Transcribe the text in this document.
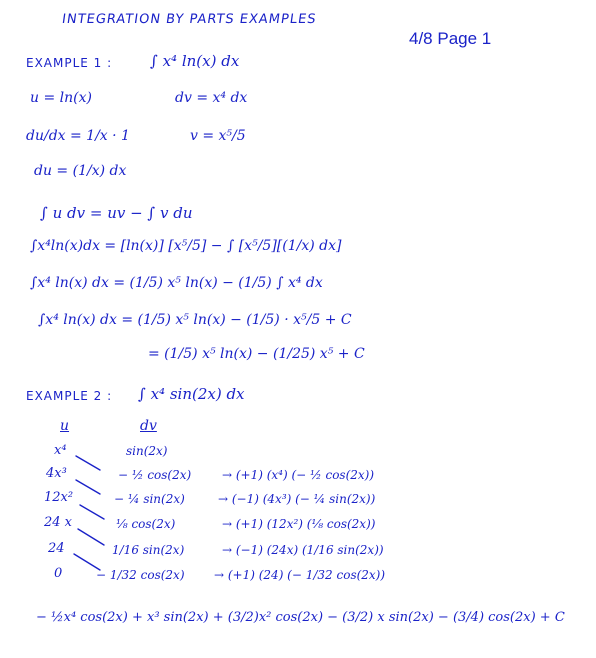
INTEGRATION BY PARTS EXAMPLES
4/8 Page 1
EXAMPLE 1 :	∫ x⁴ ln(x) dx
u = ln(x)	dv = x⁴ dx
du/dx = 1/x · 1	v = x⁵/5
du = (1/x) dx
∫ u dv = uv − ∫ v du
∫x⁴ln(x)dx = [ln(x)] [x⁵/5] − ∫ [x⁵/5][(1/x) dx]
∫x⁴ ln(x) dx = (1/5) x⁵ ln(x) − (1/5) ∫ x⁴ dx
∫x⁴ ln(x) dx = (1/5) x⁵ ln(x) − (1/5) · x⁵/5 + C
= (1/5) x⁵ ln(x) − (1/25) x⁵ + C
EXAMPLE 2 : ∫ x⁴ sin(2x) dx
u	dv
x⁴	sin(2x)
4x³	− ½ cos(2x)	→ (+1) (x⁴) (− ½ cos(2x))
12x²	− ¼ sin(2x)	→ (−1) (4x³) (− ¼ sin(2x))
24 x	⅛ cos(2x)	→ (+1) (12x²) (⅛ cos(2x))
24	1/16 sin(2x)	→ (−1) (24x) (1/16 sin(2x))
0	− 1/32 cos(2x) → (+1) (24) (− 1/32 cos(2x))
− ½x⁴ cos(2x) + x³ sin(2x) + (3/2)x² cos(2x) − (3/2) x sin(2x) − (3/4) cos(2x) + C
